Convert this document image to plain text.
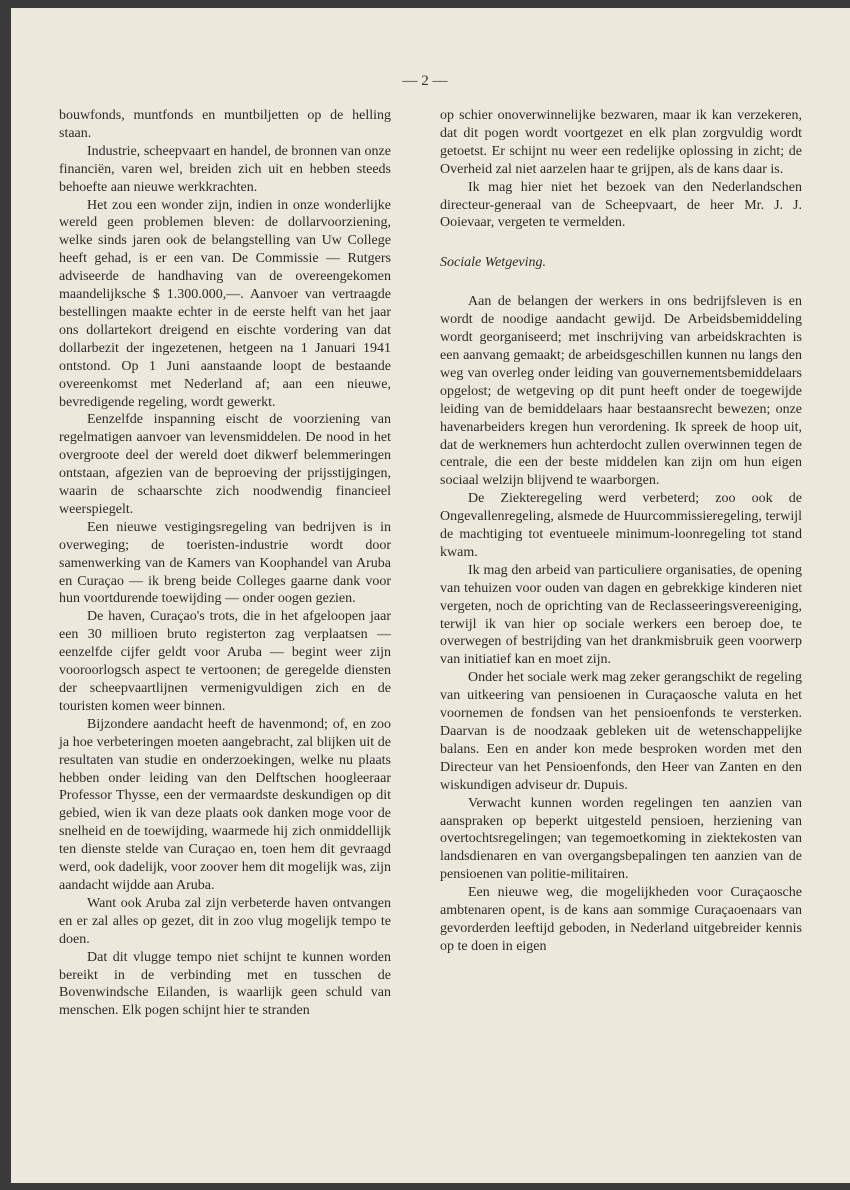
— 2 —

bouwfonds, muntfonds en muntbiljetten op de helling staan.

Industrie, scheepvaart en handel, de bronnen van onze financiën, varen wel, breiden zich uit en hebben steeds behoefte aan nieuwe werkkrachten.

Het zou een wonder zijn, indien in onze wonderlijke wereld geen problemen bleven: de dollarvoorziening, welke sinds jaren ook de belangstelling van Uw College heeft gehad, is er een van. De Commissie — Rutgers adviseerde de handhaving van de overeengekomen maandelijksche $ 1.300.000,—. Aanvoer van vertraagde bestellingen maakte echter in de eerste helft van het jaar ons dollartekort dreigend en eischte vordering van dat dollarbezit der ingezetenen, hetgeen na 1 Januari 1941 ontstond. Op 1 Juni aanstaande loopt de bestaande overeenkomst met Nederland af; aan een nieuwe, bevredigende regeling, wordt gewerkt.

Eenzelfde inspanning eischt de voorziening van regelmatigen aanvoer van levensmiddelen. De nood in het overgroote deel der wereld doet dikwerf belemmeringen ontstaan, afgezien van de beproeving der prijsstijgingen, waarin de schaarschte zich noodwendig financieel weerspiegelt.

Een nieuwe vestigingsregeling van bedrijven is in overweging; de toeristen-industrie wordt door samenwerking van de Kamers van Koophandel van Aruba en Curaçao — ik breng beide Colleges gaarne dank voor hun voortdurende toewijding — onder oogen gezien.

De haven, Curaçao's trots, die in het afgeloopen jaar een 30 millioen bruto registerton zag verplaatsen — eenzelfde cijfer geldt voor Aruba — begint weer zijn vooroorlogsch aspect te vertoonen; de geregelde diensten der scheepvaartlijnen vermenigvuldigen zich en de touristen komen weer binnen.

Bijzondere aandacht heeft de havenmond; of, en zoo ja hoe verbeteringen moeten aangebracht, zal blijken uit de resultaten van studie en onderzoekingen, welke nu plaats hebben onder leiding van den Delftschen hoogleeraar Professor Thysse, een der vermaardste deskundigen op dit gebied, wien ik van deze plaats ook danken moge voor de snelheid en de toewijding, waarmede hij zich onmiddellijk ten dienste stelde van Curaçao en, toen hem dit gevraagd werd, ook dadelijk, voor zoover hem dit mogelijk was, zijn aandacht wijdde aan Aruba.

Want ook Aruba zal zijn verbeterde haven ontvangen en er zal alles op gezet, dit in zoo vlug mogelijk tempo te doen.

Dat dit vlugge tempo niet schijnt te kunnen worden bereikt in de verbinding met en tusschen de Bovenwindsche Eilanden, is waarlijk geen schuld van menschen. Elk pogen schijnt hier te stranden

op schier onoverwinnelijke bezwaren, maar ik kan verzekeren, dat dit pogen wordt voortgezet en elk plan zorgvuldig wordt getoetst. Er schijnt nu weer een redelijke oplossing in zicht; de Overheid zal niet aarzelen haar te grijpen, als de kans daar is.

Ik mag hier niet het bezoek van den Nederlandschen directeur-generaal van de Scheepvaart, de heer Mr. J. J. Ooievaar, vergeten te vermelden.

Sociale Wetgeving.

Aan de belangen der werkers in ons bedrijfsleven is en wordt de noodige aandacht gewijd. De Arbeidsbemiddeling wordt georganiseerd; met inschrijving van arbeidskrachten is een aanvang gemaakt; de arbeidsgeschillen kunnen nu langs den weg van overleg onder leiding van gouvernementsbemiddelaars opgelost; de wetgeving op dit punt heeft onder de toegewijde leiding van de bemiddelaars haar bestaansrecht bewezen; onze havenarbeiders kregen hun verordening. Ik spreek de hoop uit, dat de werknemers hun achterdocht zullen overwinnen tegen de centrale, die een der beste middelen kan zijn om hun eigen sociaal welzijn blijvend te waarborgen.

De Ziekteregeling werd verbeterd; zoo ook de Ongevallenregeling, alsmede de Huurcommissieregeling, terwijl de machtiging tot eventueele minimum-loonregeling tot stand kwam.

Ik mag den arbeid van particuliere organisaties, de opening van tehuizen voor ouden van dagen en gebrekkige kinderen niet vergeten, noch de oprichting van de Reclasseeringsvereeniging, terwijl ik van hier op sociale werkers een beroep doe, te overwegen of bestrijding van het drankmisbruik geen voorwerp van initiatief kan en moet zijn.

Onder het sociale werk mag zeker gerangschikt de regeling van uitkeering van pensioenen in Curaçaosche valuta en het voornemen de fondsen van het pensioenfonds te versterken. Daarvan is de noodzaak gebleken uit de wetenschappelijke balans. Een en ander kon mede besproken worden met den Directeur van het Pensioenfonds, den Heer van Zanten en den wiskundigen adviseur dr. Dupuis.

Verwacht kunnen worden regelingen ten aanzien van aanspraken op beperkt uitgesteld pensioen, herziening van overtochtsregelingen; van tegemoetkoming in ziektekosten van landsdienaren en van overgangsbepalingen ten aanzien van de pensioenen van politie-militairen.

Een nieuwe weg, die mogelijkheden voor Curaçaosche ambtenaren opent, is de kans aan sommige Curaçaoenaars van gevorderden leeftijd geboden, in Nederland uitgebreider kennis op te doen in eigen
